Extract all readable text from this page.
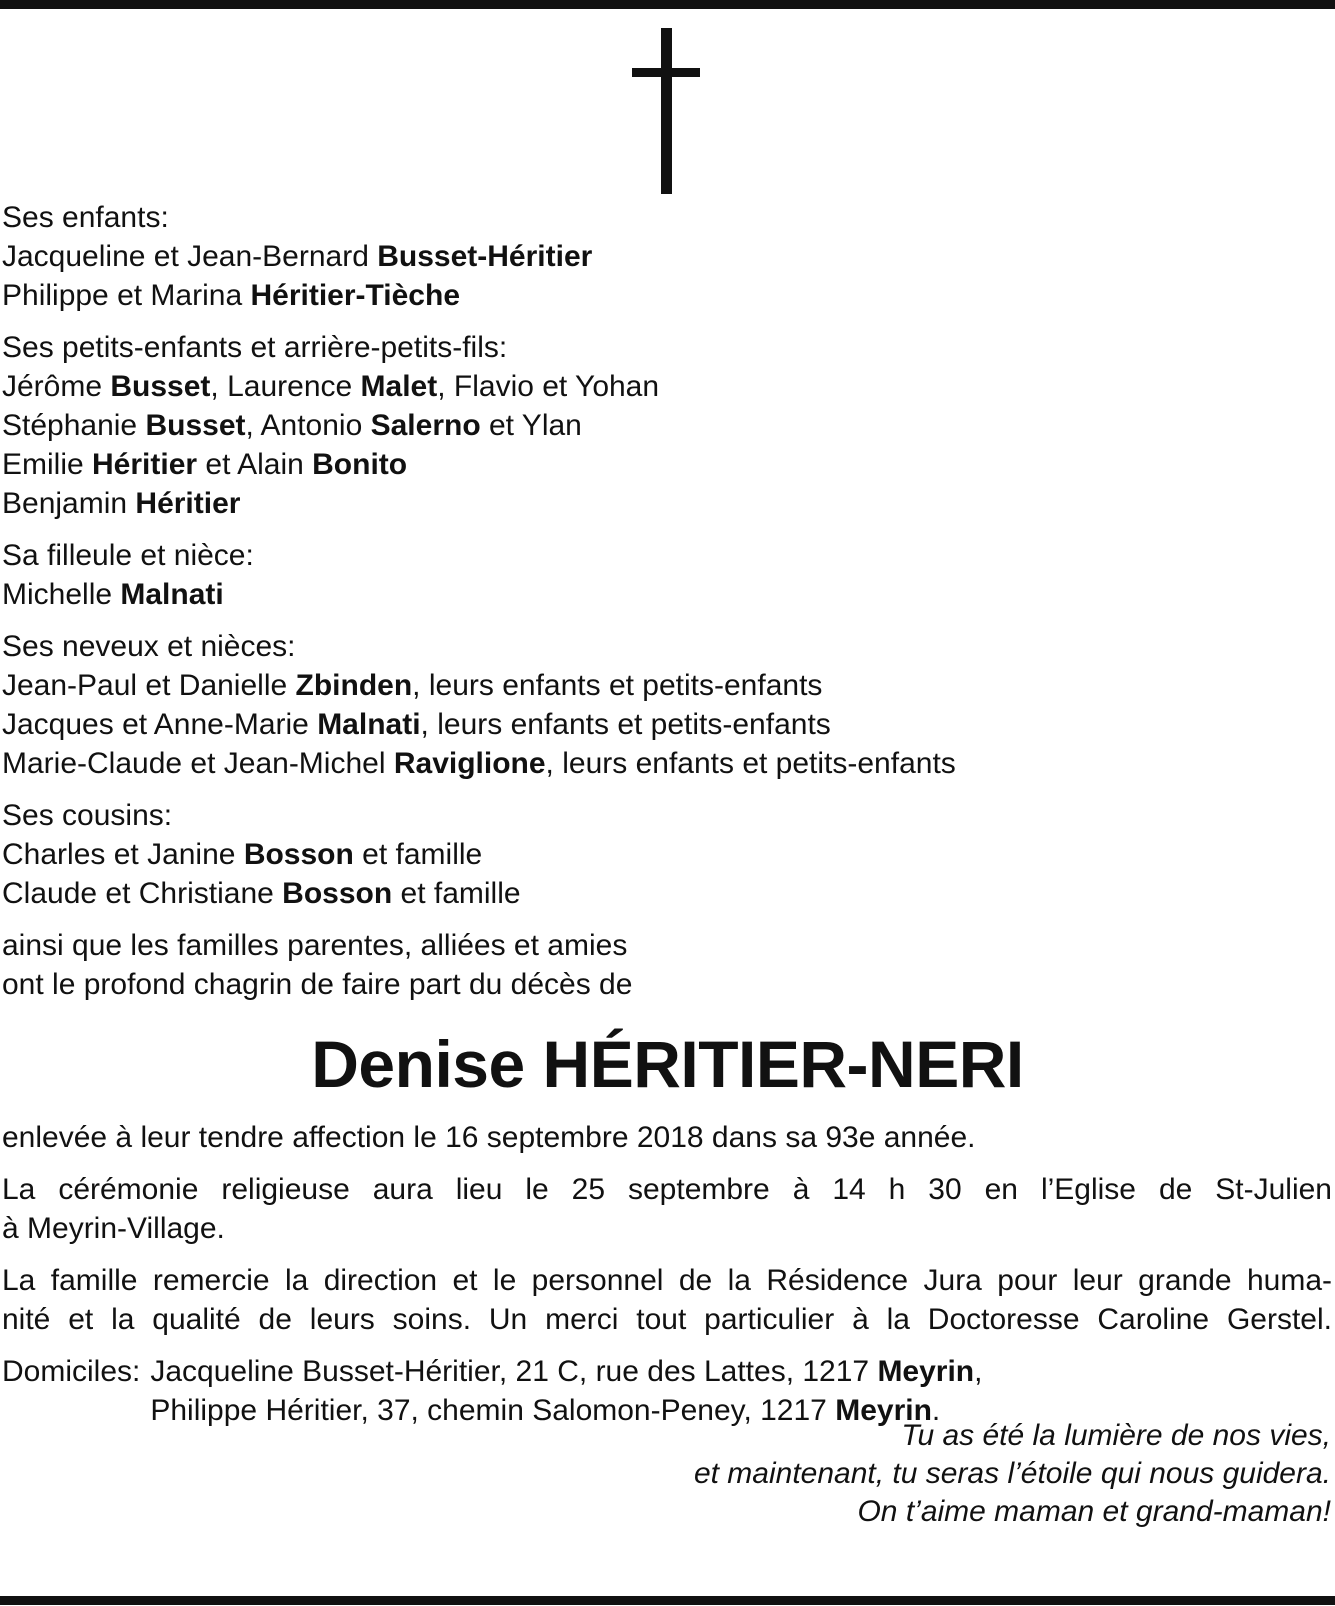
Ses enfants:
Jacqueline et Jean-Bernard Busset-Héritier
Philippe et Marina Héritier-Tièche
Ses petits-enfants et arrière-petits-fils:
Jérôme Busset, Laurence Malet, Flavio et Yohan
Stéphanie Busset, Antonio Salerno et Ylan
Emilie Héritier et Alain Bonito
Benjamin Héritier
Sa filleule et nièce:
Michelle Malnati
Ses neveux et nièces:
Jean-Paul et Danielle Zbinden, leurs enfants et petits-enfants
Jacques et Anne-Marie Malnati, leurs enfants et petits-enfants
Marie-Claude et Jean-Michel Raviglione, leurs enfants et petits-enfants
Ses cousins:
Charles et Janine Bosson et famille
Claude et Christiane Bosson et famille
ainsi que les familles parentes, alliées et amies
ont le profond chagrin de faire part du décès de
Denise HÉRITIER-NERI
enlevée à leur tendre affection le 16 septembre 2018 dans sa 93e année.
La cérémonie religieuse aura lieu le 25 septembre à 14 h 30 en l’Eglise de St-Julien
à Meyrin-Village.
La famille remercie la direction et le personnel de la Résidence Jura pour leur grande huma-
nité et la qualité de leurs soins. Un merci tout particulier à la Doctoresse Caroline Gerstel.
Domiciles: Jacqueline Busset-Héritier, 21 C, rue des Lattes, 1217 Meyrin,
Philippe Héritier, 37, chemin Salomon-Peney, 1217 Meyrin.
Tu as été la lumière de nos vies,
et maintenant, tu seras l’étoile qui nous guidera.
On t’aime maman et grand-maman!
